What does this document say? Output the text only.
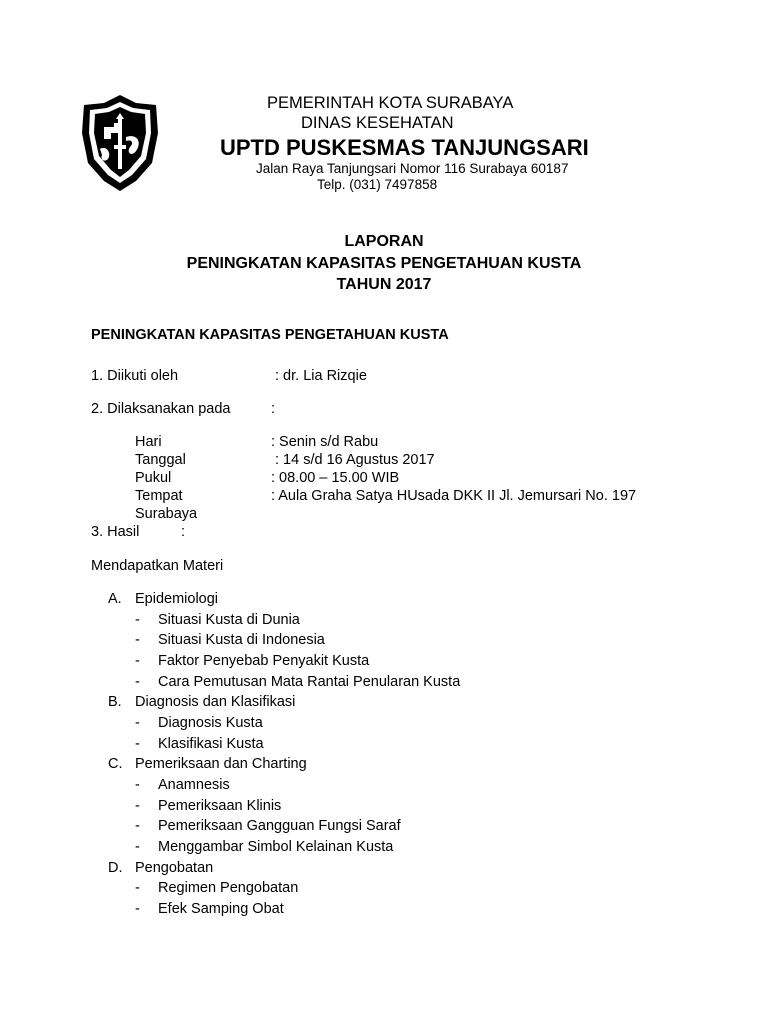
PEMERINTAH KOTA SURABAYA
DINAS KESEHATAN
UPTD PUSKESMAS TANJUNGSARI
Jalan Raya Tanjungsari Nomor 116 Surabaya 60187
Telp. (031) 7497858
LAPORAN
PENINGKATAN KAPASITAS PENGETAHUAN KUSTA
TAHUN 2017
PENINGKATAN KAPASITAS PENGETAHUAN KUSTA
1. Diikuti oleh	: dr. Lia Rizqie
2. Dilaksanakan pada	:
Hari	: Senin s/d Rabu
Tanggal	: 14 s/d 16 Agustus 2017
Pukul	: 08.00 – 15.00 WIB
Tempat	: Aula Graha Satya HUsada DKK II Jl. Jemursari No. 197
Surabaya
3. Hasil	:
Mendapatkan Materi
A. Epidemiologi
- Situasi Kusta di Dunia
- Situasi Kusta di Indonesia
- Faktor Penyebab Penyakit Kusta
- Cara Pemutusan Mata Rantai Penularan Kusta
B. Diagnosis dan Klasifikasi
- Diagnosis Kusta
- Klasifikasi Kusta
C. Pemeriksaan dan Charting
- Anamnesis
- Pemeriksaan Klinis
- Pemeriksaan Gangguan Fungsi Saraf
- Menggambar Simbol Kelainan Kusta
D. Pengobatan
- Regimen Pengobatan
- Efek Samping Obat
